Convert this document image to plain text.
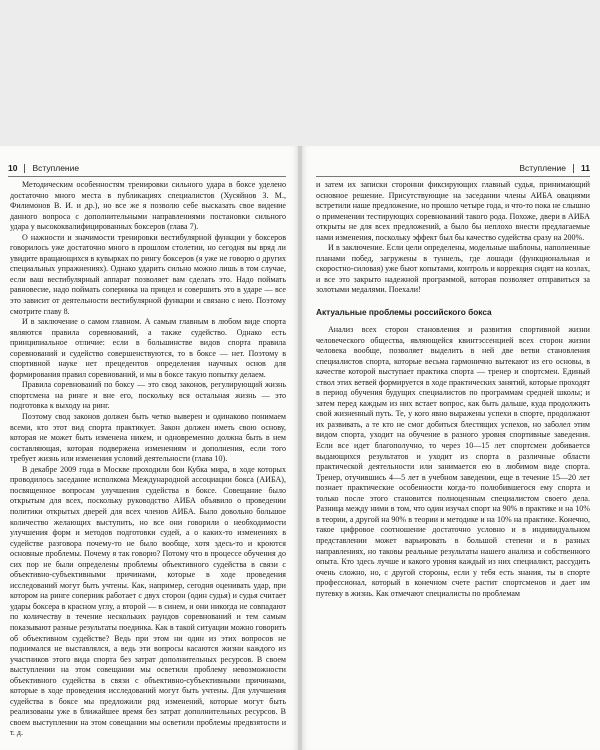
10 Вступление

Методическим особенностям тренировки сильного удара в боксе уделено достаточно много места в публикациях специалистов (Хусяйнов З. М., Филимонов В. И. и др.), но все же я позволю себе высказать свое видение данного вопроса с дополнительными направлениями постановки сильного удара у высококвалифицированных боксеров (глава 7).

О нажности и значимости тренировки вестибулярной функции у боксеров говорилось уже достаточно много в прошлом столетии, но сегодня вы вряд ли увидите вращающихся в кувырках по рингу боксеров (я уже не говорю о других специальных упражнениях). Однако ударить сильно можно лишь в том случае, если ваш вестибулярный аппарат позволяет вам сделать это. Надо поймать равновесие, надо поймать соперника на прицел и совершить это в ударе — все это зависит от деятельности вестибулярной функции и связано с нею. Поэтому смотрите главу 8.

И в заключение о самом главном. А самым главным в любом виде спорта являются правила соревнований, а также судейство. Однако есть принципиальное отличие: если в большинстве видов спорта правила соревнований и судейство совершенствуются, то в боксе — нет. Поэтому в спортивной науке нет прецедентов определения научных основ для формирования правил соревнований, и мы в боксе такую попытку делаем.

Правила соревнований по боксу — это свод законов, регулирующий жизнь спортсмена на ринге и вне его, поскольку вся остальная жизнь — это подготовка к выходу на ринг.

Поэтому свод законов должен быть четко выверен и одинаково понимаем всеми, кто этот вид спорта практикует. Закон должен иметь свою основу, которая не может быть изменена никем, и одновременно должна быть в нем составляющая, которая подвержена изменениям и дополнения, если того требует жизнь или изменения условий деятельности (глава 10).

В декабре 2009 года в Москве проходили бои Кубка мира, в ходе которых проводилось заседание исполкома Международной ассоциации бокса (АИБА), посвященное вопросам улучшения судейства в боксе. Совещание было открытым для всех, поскольку руководство АИБА объявило о проведении политики открытых дверей для всех членов АИБА. Было довольно большое количество желающих выступить, но все они говорили о необходимости улучшения форм и методов подготовки судей, а о каких-то изменениях в судействе разговора почему-то не было вообще, хотя здесь-то и кроются основные проблемы. Почему я так говорю? Потому что в процессе обучения до сих пор не были определены проблемы объективного судейства в связи с объективно-субъективными причинами, которые в ходе проведения исследований могут быть учтены. Как, например, сегодня оценивать удар, при котором на ринге соперник работает с двух сторон (один судья) и судья считает удары боксера в красном углу, а второй — в синем, и они никогда не совпадают по количеству в течение нескольких раундов соревнований и тем самым показывают разные результаты поединка. Как в такой ситуации можно говорить об объективном судействе? Ведь при этом ни один из этих вопросов не поднимался не выставлялся, а ведь эти вопросы касаются жизни каждого из участников этого вида спорта без затрат дополнительных ресурсов. В своем выступлении на этом совещании мы осветили проблему невозможности объективного судейства в связи с объективно-субъективными причинами, которые в ходе проведения исследований могут быть учтены. Для улучшения судейства в боксе мы предложили ряд изменений, которые могут быть реализованы уже в ближайшее время без затрат дополнительных ресурсов. В своем выступлении на этом совещании мы осветили проблемы предвзятости и т. д.

Вступление 11

и затем их записки сторонни фиксирующих главный судья, принимающий основное решение. Присутствующие на заседании члены АИБА овациями встретили наше предложение, но прошло четыре года, и что-то пока не слышно о применении тестирующих соревнований такого рода. Похоже, двери в АИБА открыты не для всех предложений, а было бы неплохо внести предлагаемые нами изменения, поскольку эффект был бы качество судейства сразу на 200%.

И в заключение. Если цели определены, модельные шаблоны, наполненные планами побед, загружены в туннель, где лошади (функциональная и скоростно-силовая) уже бьют копытами, контроль и коррекция сидят на козлах, и все это закрыто надежной программой, которая позволяет отправиться за золотыми медалями. Поехали!

Актуальные проблемы российского бокса

Анализ всех сторон становления и развития спортивной жизни человеческого общества, являющейся квинтэссенцией всех сторон жизни человека вообще, позволяет выделить в ней две ветви становления специалистов спорта, которые весьма гармонично вытекают из его основы, в качестве которой выступает практика спорта — тренер и спортсмен. Единый ствол этих ветвей формируется в ходе практических занятий, которые проходят в период обучения будущих специалистов по программам средней школы; и затем перед каждым из них встает вопрос, как быть дальше, куда продолжить свой жизненный путь. Те, у кого явно выражены успехи в спорте, продолжают их развивать, а те кто не смог добиться блестящих успехов, но заболел этим видом спорта, уходит на обучение в разного уровня спортивные заведения. Если все идет благополучно, то через 10—15 лет спортсмен добивается выдающихся результатов и уходит из спорта в различные области практической деятельности или занимается ею в любимом виде спорта. Тренер, отучившись 4—5 лет в учебном заведении, еще в течение 15—20 лет познает практические особенности когда-то полюбившегося ему спорта и только после этого становится полноценным специалистом своего дела. Разница между ними в том, что один изучал спорт на 90% в практике и на 10% в теории, а другой на 90% в теории и методике и на 10% на практике. Конечно, такое цифровое соотношение достаточно условно и в индивидуальном представлении может варьировать в большой степени и в разных направлениях, но таковы реальные результаты нашего анализа и собственного опыта. Кто здесь лучше и какого уровня каждый из них специалист, рассудить очень сложно, но, с другой стороны, если у тебя есть знания, ты в спорте профессионал, который в конечном счете растит спортсменов и дает им путевку в жизнь. Как отмечают специалисты по проблемам
